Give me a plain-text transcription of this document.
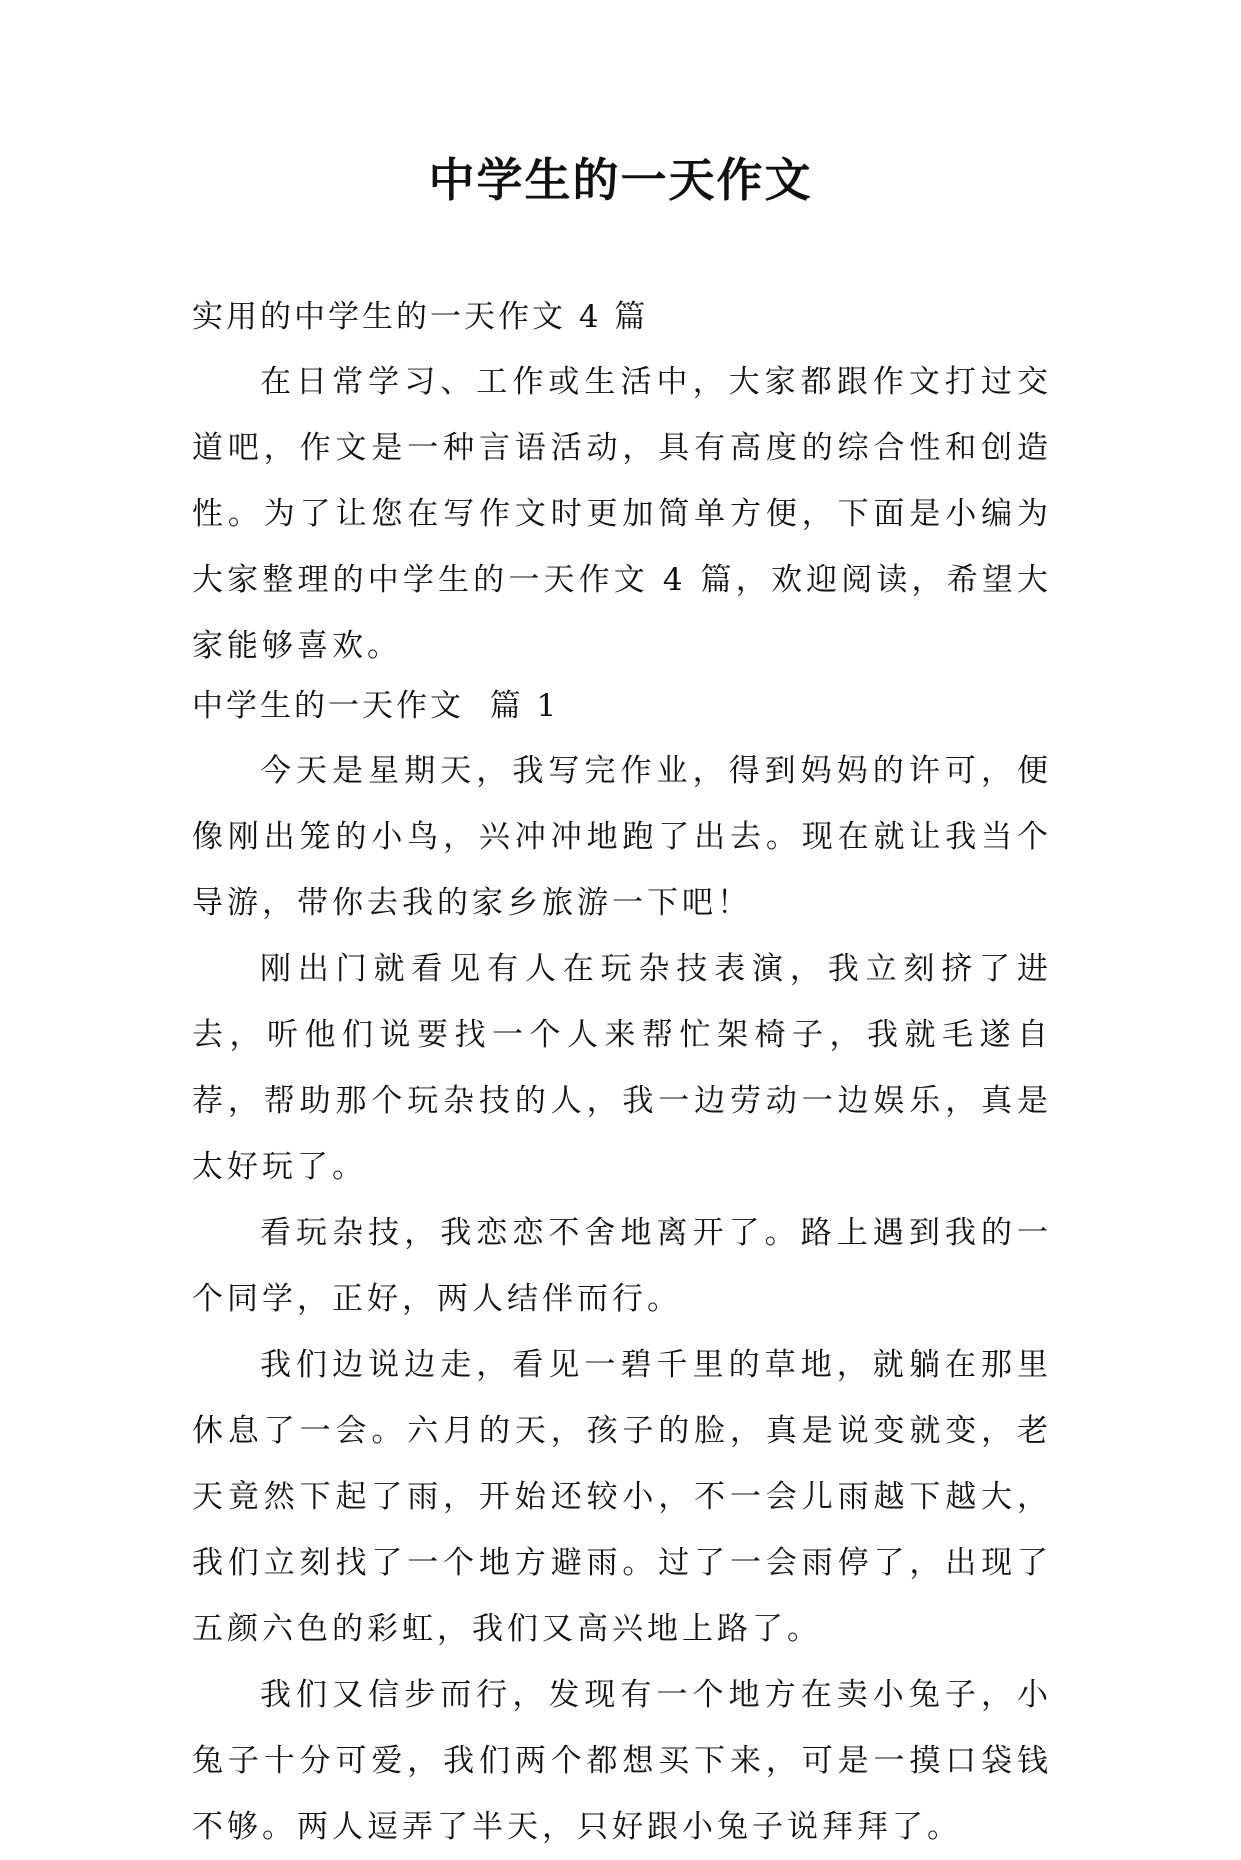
中学生的一天作文

实用的中学生的一天作文 4 篇

在日常学习、工作或生活中，大家都跟作文打过交道吧，作文是一种言语活动，具有高度的综合性和创造性。为了让您在写作文时更加简单方便，下面是小编为大家整理的中学生的一天作文 4 篇，欢迎阅读，希望大家能够喜欢。

中学生的一天作文  篇 1

今天是星期天，我写完作业，得到妈妈的许可，便像刚出笼的小鸟，兴冲冲地跑了出去。现在就让我当个导游，带你去我的家乡旅游一下吧！

刚出门就看见有人在玩杂技表演，我立刻挤了进去，听他们说要找一个人来帮忙架椅子，我就毛遂自荐，帮助那个玩杂技的人，我一边劳动一边娱乐，真是太好玩了。

看玩杂技，我恋恋不舍地离开了。路上遇到我的一个同学，正好，两人结伴而行。

我们边说边走，看见一碧千里的草地，就躺在那里休息了一会。六月的天，孩子的脸，真是说变就变，老天竟然下起了雨，开始还较小，不一会儿雨越下越大，我们立刻找了一个地方避雨。过了一会雨停了，出现了五颜六色的彩虹，我们又高兴地上路了。

我们又信步而行，发现有一个地方在卖小兔子，小兔子十分可爱，我们两个都想买下来，可是一摸口袋钱不够。两人逗弄了半天，只好跟小兔子说拜拜了。
